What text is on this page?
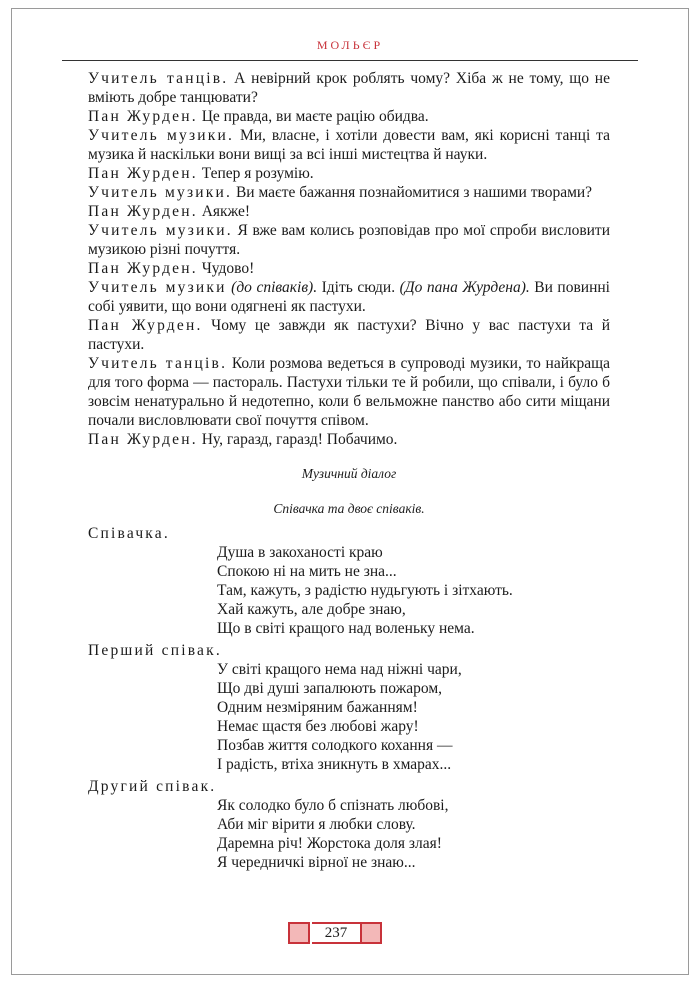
МОЛЬЄР

Учитель танців. А невірний крок роблять чому? Хіба ж не тому, що не вміють добре танцювати?

Пан Журден. Це правда, ви маєте рацію обидва.

Учитель музики. Ми, власне, і хотіли довести вам, які корисні танці та музика й наскільки вони вищі за всі інші мистецтва й науки.

Пан Журден. Тепер я розумію.

Учитель музики. Ви маєте бажання познайомитися з нашими творами?

Пан Журден. Аякже!

Учитель музики. Я вже вам колись розповідав про мої спроби висловити музикою різні почуття.

Пан Журден. Чудово!

Учитель музики (до співаків). Ідіть сюди. (До пана Журдена). Ви повинні собі уявити, що вони одягнені як пастухи.

Пан Журден. Чому це завжди як пастухи? Вічно у вас пастухи та й пастухи.

Учитель танців. Коли розмова ведеться в супроводі музики, то найкраща для того форма — пастораль. Пастухи тільки те й робили, що співали, і було б зовсім ненатурально й недотепно, коли б вельможне панство або сити міщани почали висловлювати свої почуття співом.

Пан Журден. Ну, гаразд, гаразд! Побачимо.

Музичний діалог
Співачка та двоє співаків.
Співачка.
Душа в закоханості краю
Спокою ні на мить не зна...
Там, кажуть, з радістю нудьгують і зітхають.
Хай кажуть, але добре знаю,
Що в світі кращого над воленьку нема.
Перший співак.
У світі кращого нема над ніжні чари,
Що дві душі запалюють пожаром,
Одним незміряним бажанням!
Немає щастя без любові жару!
Позбав життя солодкого кохання —
І радість, втіха зникнуть в хмарах...
Другий співак.
Як солодко було б спізнать любові,
Аби міг вірити я любки слову.
Даремна річ! Жорстока доля злая!
Я чередничкі вірної не знаю...
237
